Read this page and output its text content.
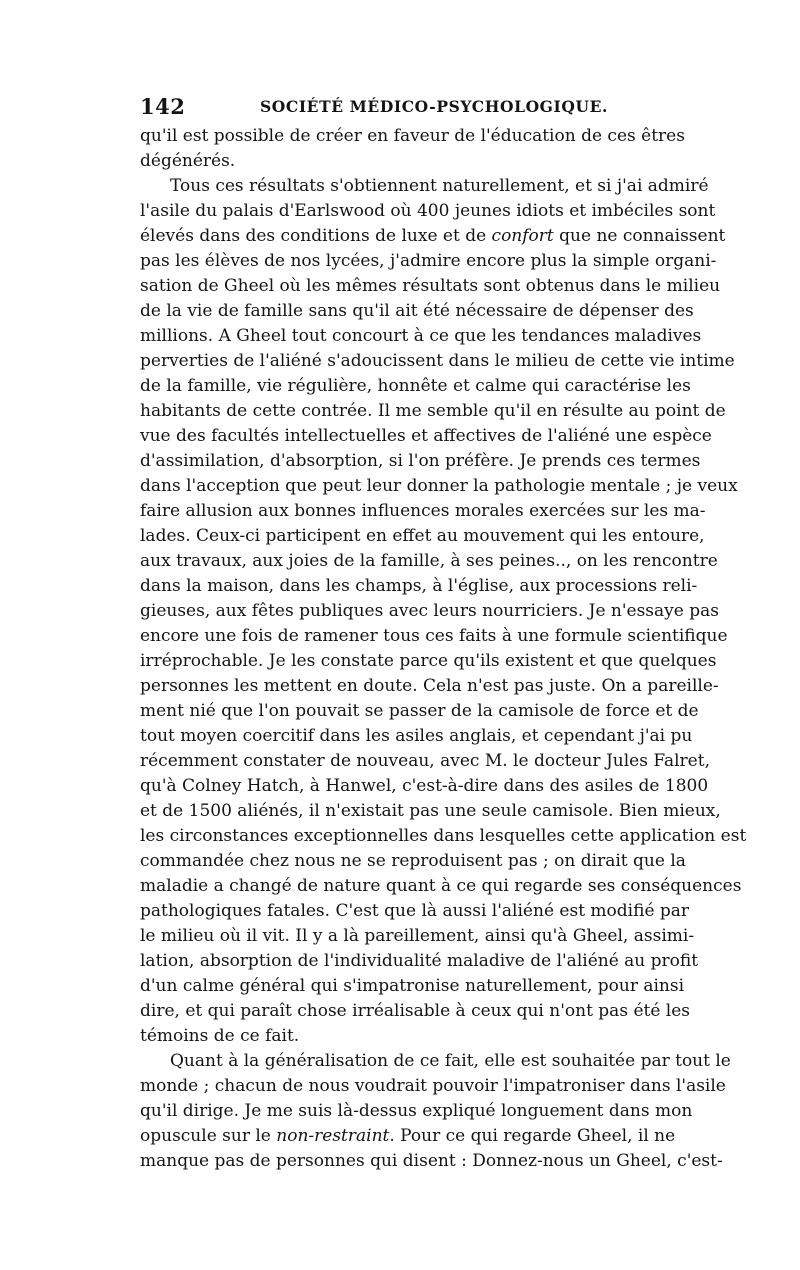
142	SOCIÉTÉ MÉDICO-PSYCHOLOGIQUE.
qu'il est possible de créer en faveur de l'éducation de ces êtres
dégénérés.
Tous ces résultats s'obtiennent naturellement, et si j'ai admiré
l'asile du palais d'Earlswood où 400 jeunes idiots et imbéciles sont
élevés dans des conditions de luxe et de confort que ne connaissent
pas les élèves de nos lycées, j'admire encore plus la simple organi-
sation de Gheel où les mêmes résultats sont obtenus dans le milieu
de la vie de famille sans qu'il ait été nécessaire de dépenser des
millions. A Gheel tout concourt à ce que les tendances maladives
perverties de l'aliéné s'adoucissent dans le milieu de cette vie intime
de la famille, vie régulière, honnête et calme qui caractérise les
habitants de cette contrée. Il me semble qu'il en résulte au point de
vue des facultés intellectuelles et affectives de l'aliéné une espèce
d'assimilation, d'absorption, si l'on préfère. Je prends ces termes
dans l'acception que peut leur donner la pathologie mentale ; je veux
faire allusion aux bonnes influences morales exercées sur les ma-
lades. Ceux-ci participent en effet au mouvement qui les entoure,
aux travaux, aux joies de la famille, à ses peines.., on les rencontre
dans la maison, dans les champs, à l'église, aux processions reli-
gieuses, aux fêtes publiques avec leurs nourriciers. Je n'essaye pas
encore une fois de ramener tous ces faits à une formule scientifique
irréprochable. Je les constate parce qu'ils existent et que quelques
personnes les mettent en doute. Cela n'est pas juste. On a pareille-
ment nié que l'on pouvait se passer de la camisole de force et de
tout moyen coercitif dans les asiles anglais, et cependant j'ai pu
récemment constater de nouveau, avec M. le docteur Jules Falret,
qu'à Colney Hatch, à Hanwel, c'est-à-dire dans des asiles de 1800
et de 1500 aliénés, il n'existait pas une seule camisole. Bien mieux,
les circonstances exceptionnelles dans lesquelles cette application est
commandée chez nous ne se reproduisent pas ; on dirait que la
maladie a changé de nature quant à ce qui regarde ses conséquences
pathologiques fatales. C'est que là aussi l'aliéné est modifié par
le milieu où il vit. Il y a là pareillement, ainsi qu'à Gheel, assimi-
lation, absorption de l'individualité maladive de l'aliéné au profit
d'un calme général qui s'impatronise naturellement, pour ainsi
dire, et qui paraît chose irréalisable à ceux qui n'ont pas été les
témoins de ce fait.
Quant à la généralisation de ce fait, elle est souhaitée par tout le
monde ; chacun de nous voudrait pouvoir l'impatroniser dans l'asile
qu'il dirige. Je me suis là-dessus expliqué longuement dans mon
opuscule sur le non-restraint. Pour ce qui regarde Gheel, il ne
manque pas de personnes qui disent : Donnez-nous un Gheel, c'est-
